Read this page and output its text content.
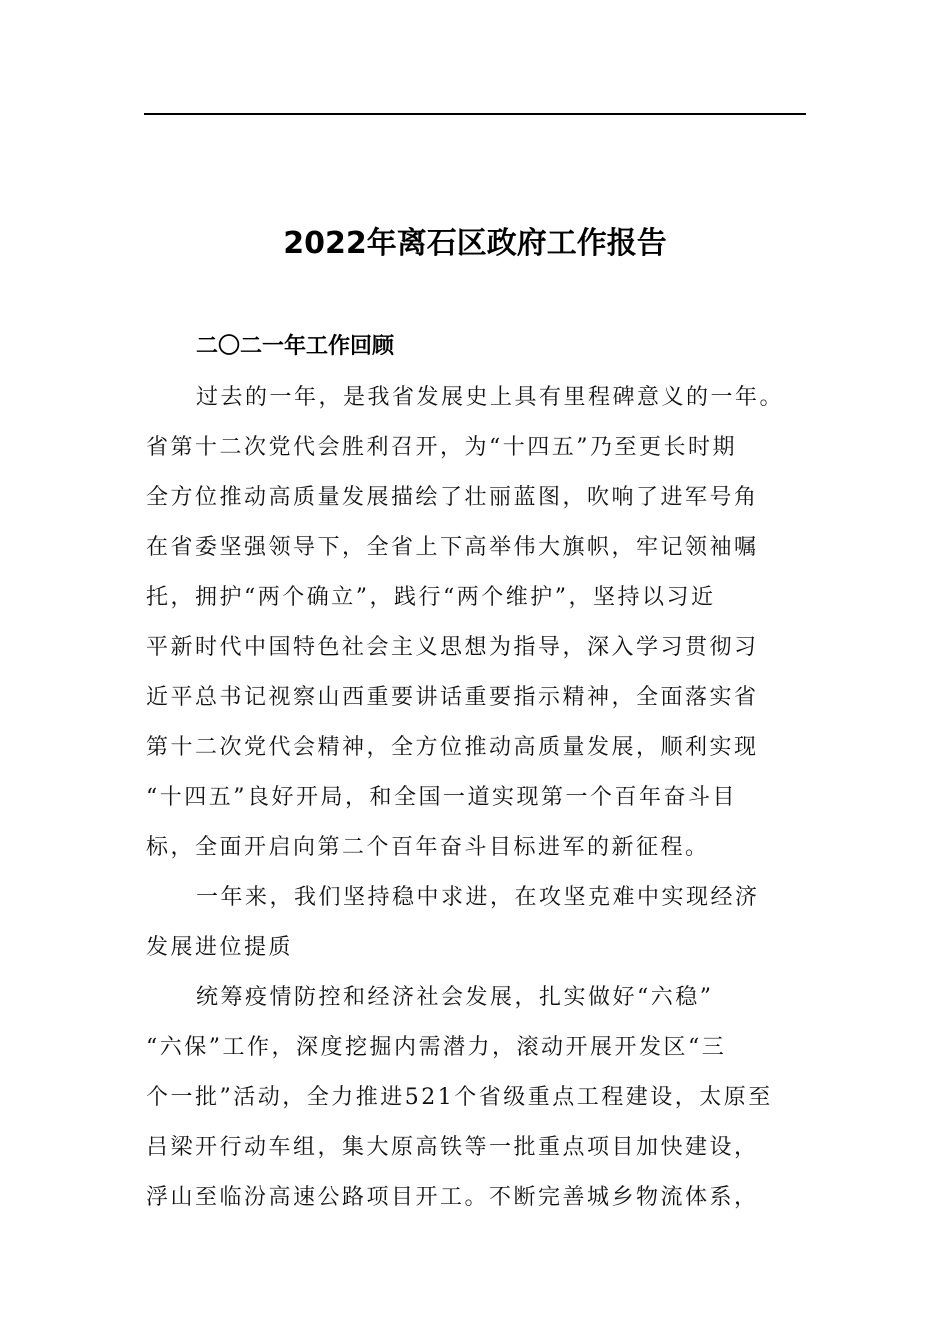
2022年离石区政府工作报告
二〇二一年工作回顾
过去的一年，是我省发展史上具有里程碑意义的一年。
省第十二次党代会胜利召开，为“十四五”乃至更长时期
全方位推动高质量发展描绘了壮丽蓝图，吹响了进军号角
在省委坚强领导下，全省上下高举伟大旗帜，牢记领袖嘱
托，拥护“两个确立”，践行“两个维护”，坚持以习近
平新时代中国特色社会主义思想为指导，深入学习贯彻习
近平总书记视察山西重要讲话重要指示精神，全面落实省
第十二次党代会精神，全方位推动高质量发展，顺利实现
“十四五”良好开局，和全国一道实现第一个百年奋斗目
标，全面开启向第二个百年奋斗目标进军的新征程。
一年来，我们坚持稳中求进，在攻坚克难中实现经济
发展进位提质
统筹疫情防控和经济社会发展，扎实做好“六稳”
“六保”工作，深度挖掘内需潜力，滚动开展开发区“三
个一批”活动，全力推进521个省级重点工程建设，太原至
吕梁开行动车组，集大原高铁等一批重点项目加快建设，
浮山至临汾高速公路项目开工。不断完善城乡物流体系，
